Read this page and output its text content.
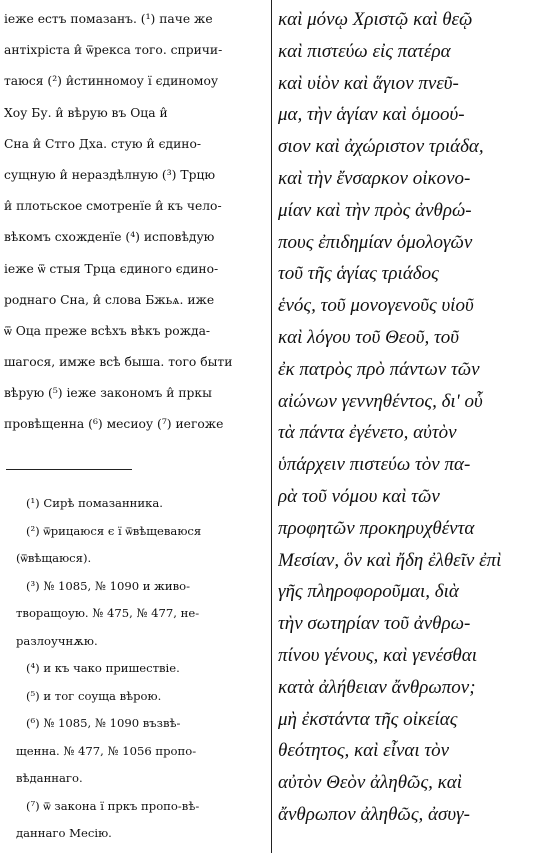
іеже естъ помазанъ. (¹) паче же
антіхріста и̂ ѿрекса того. спричи-
таюся (²) и̂стинномоу ї єдиномоу
Хоу Бу. и̂ вѣрую въ Оца и̂
Сна и̂ Стго Дха. стую и̂ єдино-
сущную и̂ нераздѣлную (³) Трцю
и̂ плотьское смотренїе и̂ къ чело-
вѣкомъ схожденїе (⁴) исповѣдую
іеже ѿ стыя Трца єдиного єдино-
роднаго Сна, и̂ слова Бжьѧ. иже
ѿ Оца преже всѣхъ вѣкъ рожда-
шагося, имже всѣ быша. того быти
вѣрую (⁵) іеже закономъ и̂ пркы
провѣщенна (⁶) месиоу (⁷) иегоже
(¹) Сирѣ помазанника.
(²) ѿрицаюся є ї ѿвѣщеваюся
(ѿвѣщаюся).
(³) № 1085, № 1090 и живо-
творащоую. № 475, № 477, не-
разлоучнѫю.
(⁴) и къ чако пришествіе.
(⁵) и тог соуща вѣрою.
(⁶) № 1085, № 1090 възвѣ-
щенна. № 477, № 1056 пропо-
вѣданнаго.
(⁷) ѿ закона ї пркъ пропо-вѣ-
даннаго Месію.
καὶ μόνῳ Χριστῷ καὶ θεῷ
καὶ πιστεύω εἰς πατέρα
καὶ υἱὸν καὶ ἅγιον πνεῦ-
μα, τὴν ἁγίαν καὶ ὁμοού-
σιον καὶ ἀχώριστον τριάδα,
καὶ τὴν ἔνσαρκον οἰκονο-
μίαν καὶ τὴν πρὸς ἀνθρώ-
πους ἐπιδημίαν ὁμολογῶν
τοῦ τῆς ἁγίας τριάδος
ἑνός, τοῦ μονογενοῦς υἱοῦ
καὶ λόγου τοῦ Θεοῦ, τοῦ
ἐκ πατρὸς πρὸ πάντων τῶν
αἰώνων γεννηθέντος, δι' οὗ
τὰ πάντα ἐγένετο, αὐτὸν
ὑπάρχειν πιστεύω τὸν πα-
ρὰ τοῦ νόμου καὶ τῶν
προφητῶν προκηρυχθέντα
Μεσίαν, ὃν καὶ ἤδη ἐλθεῖν ἐπὶ
γῆς πληροφοροῦμαι, διὰ
τὴν σωτηρίαν τοῦ ἀνθρω-
πίνου γένους, καὶ γενέσθαι
κατὰ ἀλήθειαν ἄνθρωπον;
μὴ ἐκστάντα τῆς οἰκείας
θεότητος, καὶ εἶναι τὸν
αὐτὸν Θεὸν ἀληθῶς, καὶ
ἄνθρωπον ἀληθῶς, ἀσυγ-
